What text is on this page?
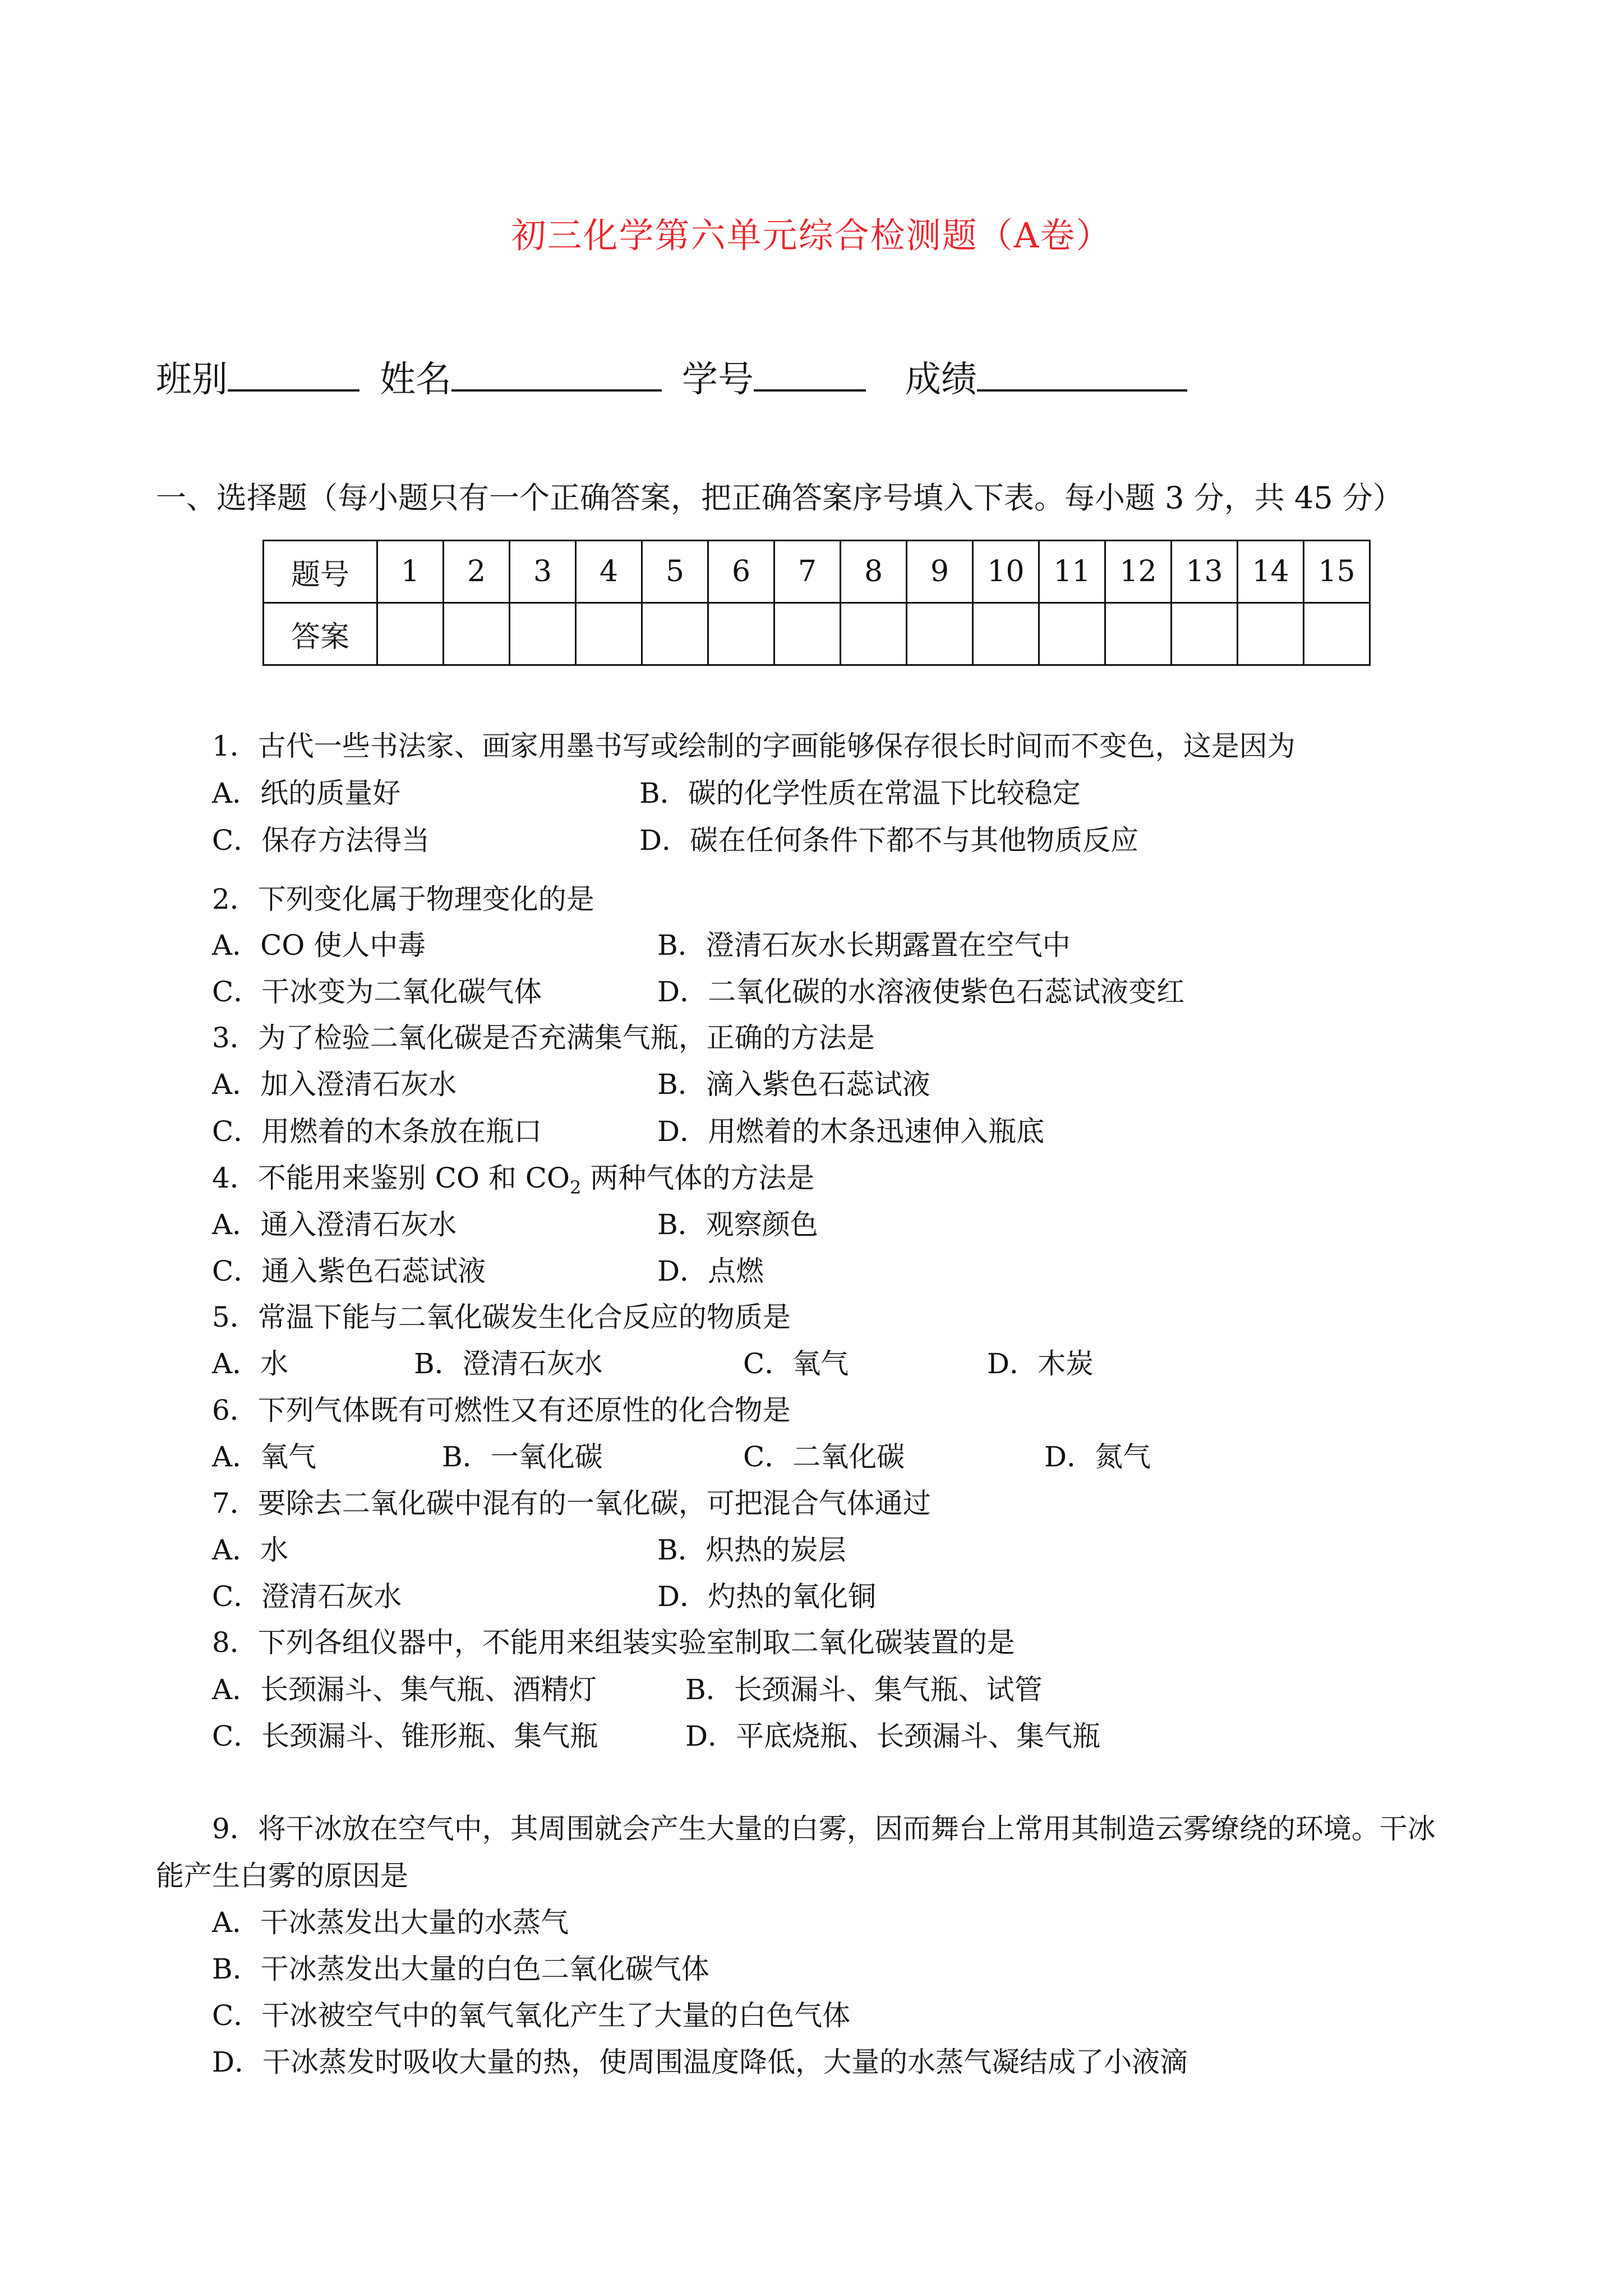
初三化学第六单元综合检测题（A卷）
班别	姓名	学号	成绩
一、选择题（每小题只有一个正确答案，把正确答案序号填入下表。每小题 3 分，共 45 分）
题号	1	2	3	4	5	6	7	8	9	10	11	12	13	14	15
答案															
1．古代一些书法家、画家用墨书写或绘制的字画能够保存很长时间而不变色，这是因为
A．纸的质量好	B．碳的化学性质在常温下比较稳定
C．保存方法得当	D．碳在任何条件下都不与其他物质反应
2．下列变化属于物理变化的是
A．CO 使人中毒	B．澄清石灰水长期露置在空气中
C．干冰变为二氧化碳气体	D．二氧化碳的水溶液使紫色石蕊试液变红
3．为了检验二氧化碳是否充满集气瓶，正确的方法是
A．加入澄清石灰水	B．滴入紫色石蕊试液
C．用燃着的木条放在瓶口	D．用燃着的木条迅速伸入瓶底
4．不能用来鉴别 CO 和 $CO_2$ 两种气体的方法是
A．通入澄清石灰水	B．观察颜色
C．通入紫色石蕊试液	D．点燃
5．常温下能与二氧化碳发生化合反应的物质是
A．水	B．澄清石灰水	C．氧气	D．木炭
6．下列气体既有可燃性又有还原性的化合物是
A．氧气	B．一氧化碳	C．二氧化碳	D．氮气
7．要除去二氧化碳中混有的一氧化碳，可把混合气体通过
A．水	B．炽热的炭层
C．澄清石灰水	D．灼热的氧化铜
8．下列各组仪器中，不能用来组装实验室制取二氧化碳装置的是
A．长颈漏斗、集气瓶、酒精灯	B．长颈漏斗、集气瓶、试管
C．长颈漏斗、锥形瓶、集气瓶	D．平底烧瓶、长颈漏斗、集气瓶
9．将干冰放在空气中，其周围就会产生大量的白雾，因而舞台上常用其制造云雾缭绕的环境。干冰
能产生白雾的原因是
A．干冰蒸发出大量的水蒸气
B．干冰蒸发出大量的白色二氧化碳气体
C．干冰被空气中的氧气氧化产生了大量的白色气体
D．干冰蒸发时吸收大量的热，使周围温度降低，大量的水蒸气凝结成了小液滴
